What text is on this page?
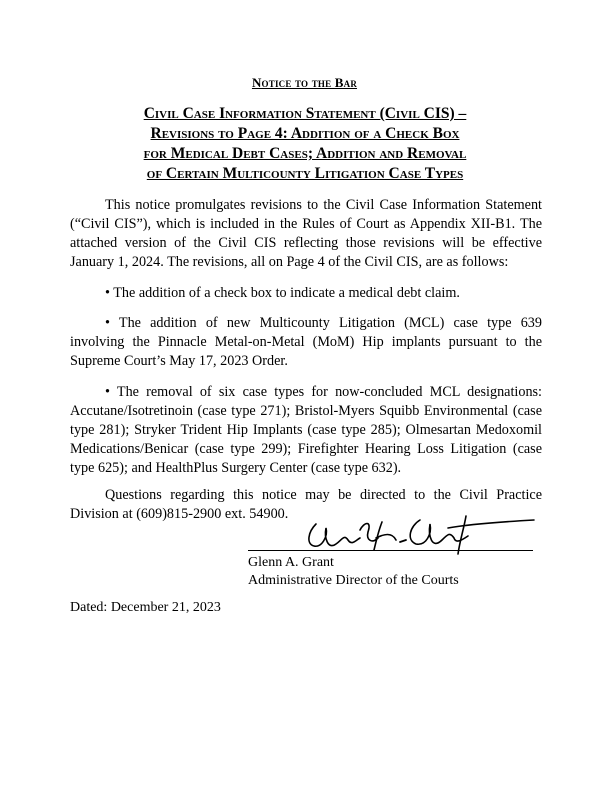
Notice to the Bar
Civil Case Information Statement (Civil CIS) –
Revisions to Page 4: Addition of a Check Box
for Medical Debt Cases; Addition and Removal
of Certain Multicounty Litigation Case Types

This notice promulgates revisions to the Civil Case Information Statement (“Civil CIS”), which is included in the Rules of Court as Appendix XII-B1. The attached version of the Civil CIS reflecting those revisions will be effective January 1, 2024. The revisions, all on Page 4 of the Civil CIS, are as follows:

• The addition of a check box to indicate a medical debt claim.

• The addition of new Multicounty Litigation (MCL) case type 639 involving the Pinnacle Metal-on-Metal (MoM) Hip implants pursuant to the Supreme Court’s May 17, 2023 Order.

• The removal of six case types for now-concluded MCL designations: Accutane/Isotretinoin (case type 271); Bristol-Myers Squibb Environmental (case type 281); Stryker Trident Hip Implants (case type 285); Olmesartan Medoxomil Medications/Benicar (case type 299); Firefighter Hearing Loss Litigation (case type 625); and HealthPlus Surgery Center (case type 632).

Questions regarding this notice may be directed to the Civil Practice Division at (609)815-2900 ext. 54900.

Glenn A. Grant
Administrative Director of the Courts
Dated: December 21, 2023
